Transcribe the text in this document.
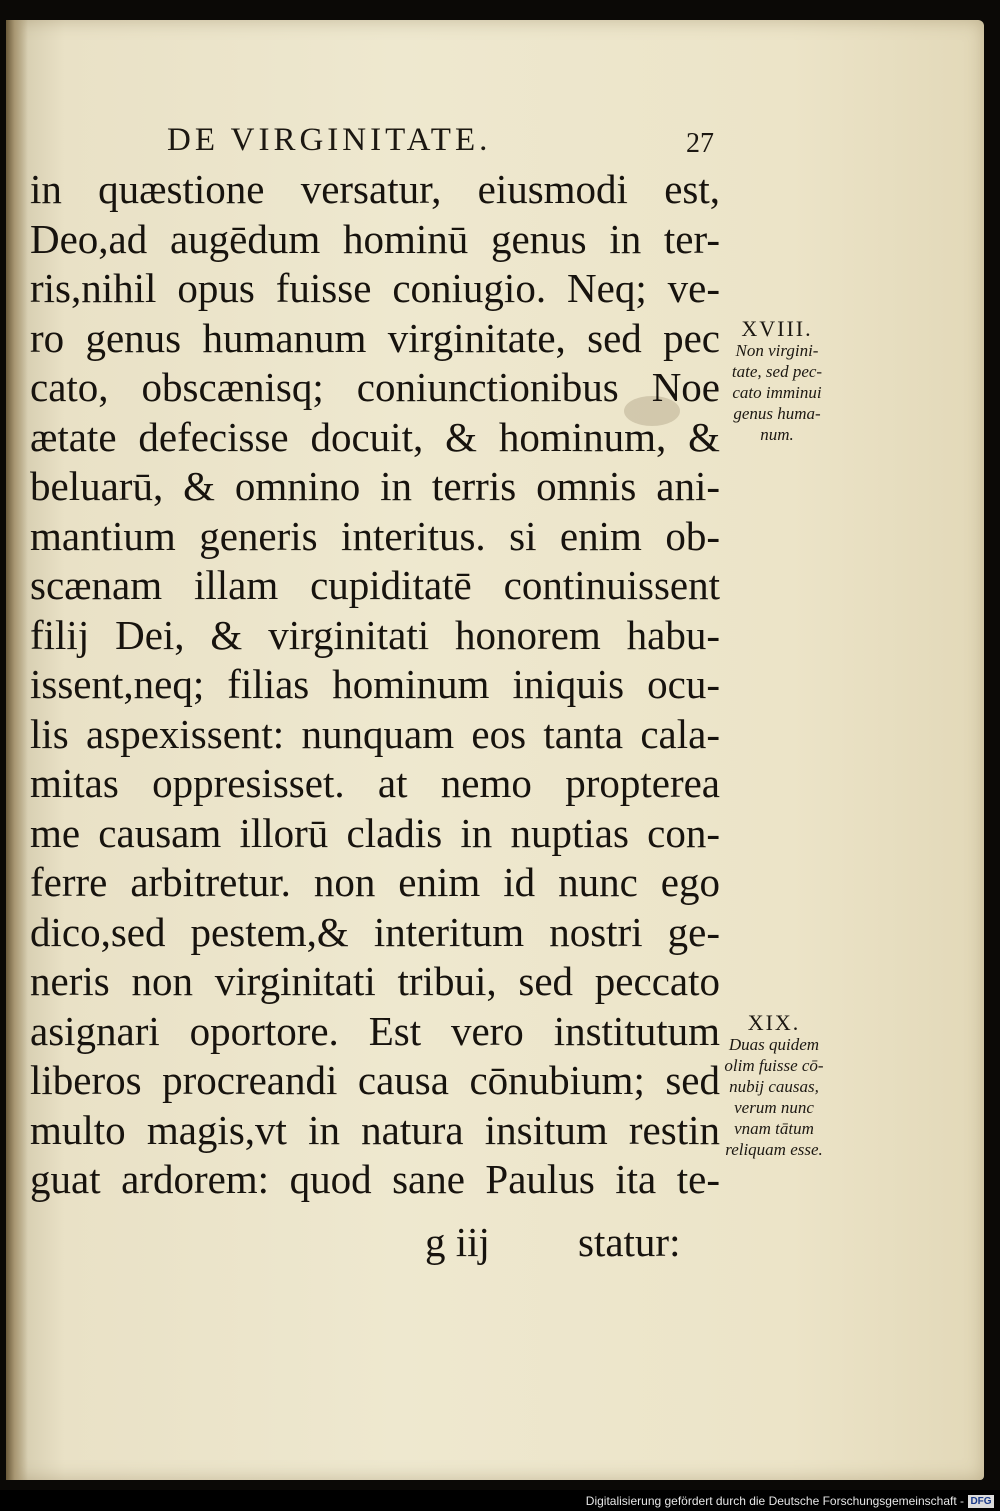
DE VIRGINITATE.	27
in quæstione versatur, eiusmodi est,
Deo,ad augēdum hominū genus in ter-
ris,nihil opus fuisse coniugio. Neq; ve-
ro genus humanum virginitate, sed pec
cato, obscænisq; coniunctionibus Noe
ætate defecisse docuit, & hominum, &
beluarū, & omnino in terris omnis ani-
mantium generis interitus. si enim ob-
scænam illam cupiditatē continuissent
filij Dei, & virginitati honorem habu-
issent,neq; filias hominum iniquis ocu-
lis aspexissent: nunquam eos tanta cala-
mitas oppresisset. at nemo propterea
me causam illorū cladis in nuptias con-
ferre arbitretur. non enim id nunc ego
dico,sed pestem,& interitum nostri ge-
neris non virginitati tribui, sed peccato
asignari oportore. Est vero institutum
liberos procreandi causa cōnubium; sed
multo magis,vt in natura insitum restin
guat ardorem: quod sane Paulus ita te-
g iij statur:
XVIII.
Non virgini-
tate, sed pec-
cato imminui
genus huma-
num.
XIX.
Duas quidem
olim fuisse cō-
nubij causas,
verum nunc
vnam tātum
reliquam esse.
Digitalisierung gefördert durch die Deutsche Forschungsgemeinschaft - DFG
